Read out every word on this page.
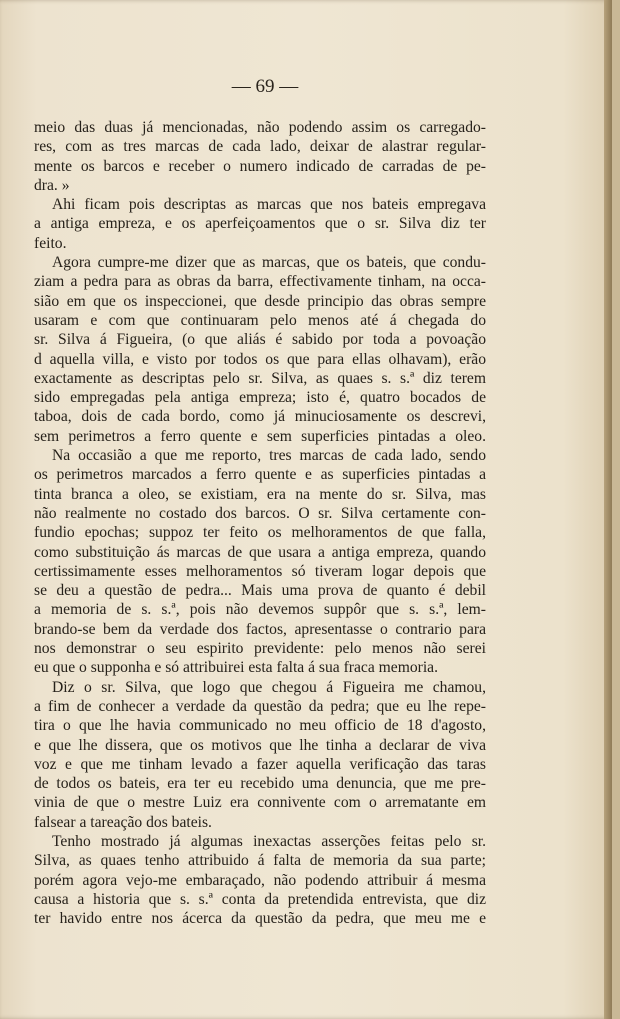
— 69 —
meio das duas já mencionadas, não podendo assim os carregado-
res, com as tres marcas de cada lado, deixar de alastrar regular-
mente os barcos e receber o numero indicado de carradas de pe-
dra. »
Ahi ficam pois descriptas as marcas que nos bateis empregava
a antiga empreza, e os aperfeiçoamentos que o sr. Silva diz ter
feito.
Agora cumpre-me dizer que as marcas, que os bateis, que condu-
ziam a pedra para as obras da barra, effectivamente tinham, na occa-
sião em que os inspeccionei, que desde principio das obras sempre
usaram e com que continuaram pelo menos até á chegada do
sr. Silva á Figueira, (o que aliás é sabido por toda a povoação
d aquella villa, e visto por todos os que para ellas olhavam), erão
exactamente as descriptas pelo sr. Silva, as quaes s. s.ª diz terem
sido empregadas pela antiga empreza; isto é, quatro bocados de
taboa, dois de cada bordo, como já minuciosamente os descrevi,
sem perimetros a ferro quente e sem superficies pintadas a oleo.
Na occasião a que me reporto, tres marcas de cada lado, sendo
os perimetros marcados a ferro quente e as superficies pintadas a
tinta branca a oleo, se existiam, era na mente do sr. Silva, mas
não realmente no costado dos barcos. O sr. Silva certamente con-
fundio epochas; suppoz ter feito os melhoramentos de que falla,
como substituição ás marcas de que usara a antiga empreza, quando
certissimamente esses melhoramentos só tiveram logar depois que
se deu a questão de pedra... Mais uma prova de quanto é debil
a memoria de s. s.ª, pois não devemos suppôr que s. s.ª, lem-
brando-se bem da verdade dos factos, apresentasse o contrario para
nos demonstrar o seu espirito previdente: pelo menos não serei
eu que o supponha e só attribuirei esta falta á sua fraca memoria.
Diz o sr. Silva, que logo que chegou á Figueira me chamou,
a fim de conhecer a verdade da questão da pedra; que eu lhe repe-
tira o que lhe havia communicado no meu officio de 18 d'agosto,
e que lhe dissera, que os motivos que lhe tinha a declarar de viva
voz e que me tinham levado a fazer aquella verificação das taras
de todos os bateis, era ter eu recebido uma denuncia, que me pre-
vinia de que o mestre Luiz era connivente com o arrematante em
falsear a tareação dos bateis.
Tenho mostrado já algumas inexactas asserções feitas pelo sr.
Silva, as quaes tenho attribuido á falta de memoria da sua parte;
porém agora vejo-me embaraçado, não podendo attribuir á mesma
causa a historia que s. s.ª conta da pretendida entrevista, que diz
ter havido entre nos ácerca da questão da pedra, que meu me e
